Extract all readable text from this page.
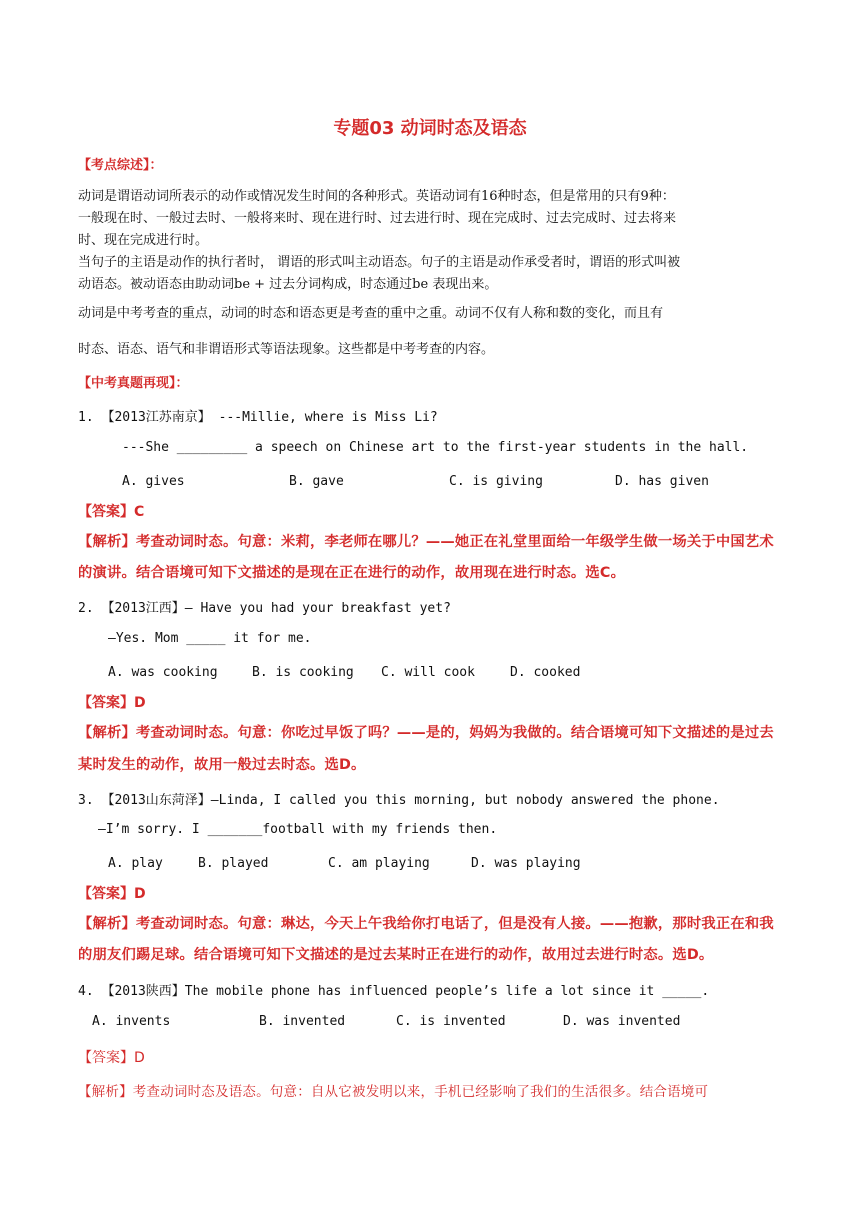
专题03 动词时态及语态
【考点综述】：
动词是谓语动词所表示的动作或情况发生时间的各种形式。英语动词有16种时态，但是常用的只有9种：
一般现在时、一般过去时、一般将来时、现在进行时、过去进行时、现在完成时、过去完成时、过去将来
时、现在完成进行时。
当句子的主语是动作的执行者时， 谓语的形式叫主动语态。句子的主语是动作承受者时，谓语的形式叫被
动语态。被动语态由助动词be + 过去分词构成，时态通过be 表现出来。
动词是中考考查的重点，动词的时态和语态更是考查的重中之重。动词不仅有人称和数的变化，而且有
时态、语态、语气和非谓语形式等语法现象。这些都是中考考查的内容。
【中考真题再现】：
1. 【2013江苏南京】 ---Millie, where is Miss Li?
---She _________ a speech on Chinese art to the first-year students in the hall.
A. gives	B. gave	C. is giving	D. has given
【答案】C
【解析】考查动词时态。句意：米莉，李老师在哪儿？——她正在礼堂里面给一年级学生做一场关于中国艺术
的演讲。结合语境可知下文描述的是现在正在进行的动作，故用现在进行时态。选C。
2. 【2013江西】— Have you had your breakfast yet?
—Yes. Mom _____ it for me.
A. was cooking	B. is cooking C. will cook	D. cooked
【答案】D
【解析】考查动词时态。句意：你吃过早饭了吗？——是的，妈妈为我做的。结合语境可知下文描述的是过去
某时发生的动作，故用一般过去时态。选D。
3. 【2013山东菏泽】—Linda, I called you this morning, but nobody answered the phone.
—I’m sorry. I _______football with my friends then.
A. play	B. played	C. am playing	D. was playing
【答案】D
【解析】考查动词时态。句意：琳达，今天上午我给你打电话了，但是没有人接。——抱歉，那时我正在和我
的朋友们踢足球。结合语境可知下文描述的是过去某时正在进行的动作，故用过去进行时态。选D。
4. 【2013陕西】The mobile phone has influenced people’s life a lot since it _____.
A. invents	B. invented	C. is invented	D. was invented
【答案】D
【解析】考查动词时态及语态。句意：自从它被发明以来，手机已经影响了我们的生活很多。结合语境可
